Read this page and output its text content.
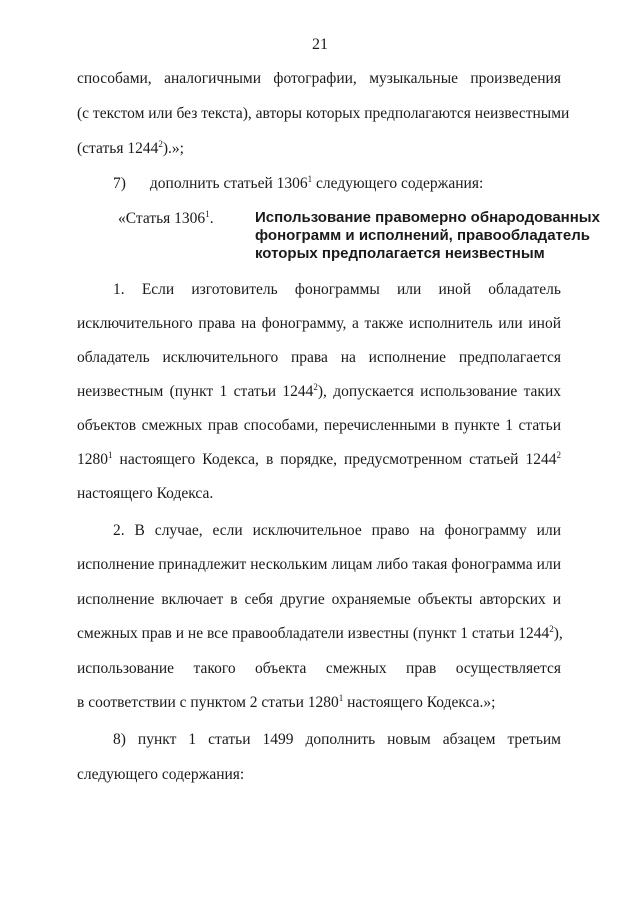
21
способами, аналогичными фотографии, музыкальные произведения
(с текстом или без текста), авторы которых предполагаются неизвестными
(статья 1244$^2$).»;
7) дополнить статьей 1306$^1$ следующего содержания:
«Статья 1306$^1$.	Использование правомерно обнародованных
фонограмм и исполнений, правообладатель
которых предполагается неизвестным
1. Если изготовитель фонограммы или иной обладатель
исключительного права на фонограмму, а также исполнитель или иной
обладатель исключительного права на исполнение предполагается
неизвестным (пункт 1 статьи 1244$^2$), допускается использование таких
объектов смежных прав способами, перечисленными в пункте 1 статьи
1280$^1$ настоящего Кодекса, в порядке, предусмотренном статьей 1244$^2$
настоящего Кодекса.
2. В случае, если исключительное право на фонограмму или
исполнение принадлежит нескольким лицам либо такая фонограмма или
исполнение включает в себя другие охраняемые объекты авторских и
смежных прав и не все правообладатели известны (пункт 1 статьи 1244$^2$),
использование такого объекта смежных прав осуществляется
в соответствии с пунктом 2 статьи 1280$^1$ настоящего Кодекса.»;
8) пункт 1 статьи 1499 дополнить новым абзацем третьим
следующего содержания:
